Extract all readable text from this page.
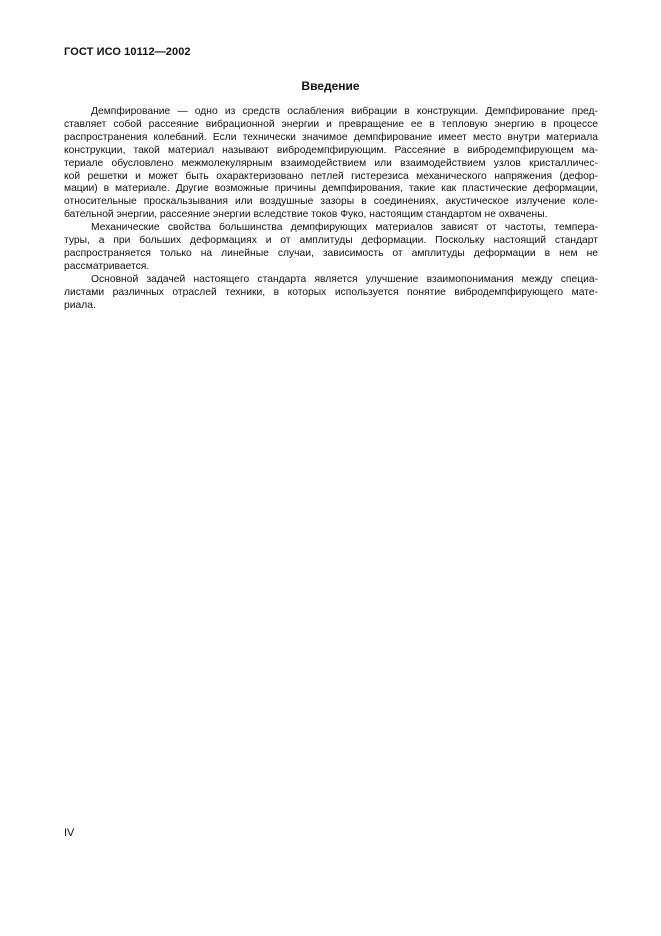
ГОСТ ИСО 10112—2002
Введение
Демпфирование — одно из средств ослабления вибрации в конструкции. Демпфирование пред-
ставляет собой рассеяние вибрационной энергии и превращение ее в тепловую энергию в процессе
распространения колебаний. Если технически значимое демпфирование имеет место внутри материала
конструкции, такой материал называют вибродемпфирующим. Рассеяние в вибродемпфирующем ма-
териале обусловлено межмолекулярным взаимодействием или взаимодействием узлов кристалличес-
кой решетки и может быть охарактеризовано петлей гистерезиса механического напряжения (дефор-
мации) в материале. Другие возможные причины демпфирования, такие как пластические деформации,
относительные проскальзывания или воздушные зазоры в соединениях, акустическое излучение коле-
бательной энергии, рассеяние энергии вследствие токов Фуко, настоящим стандартом не охвачены.
Механические свойства большинства демпфирующих материалов зависят от частоты, темпера-
туры, а при больших деформациях и от амплитуды деформации. Поскольку настоящий стандарт
распространяется только на линейные случаи, зависимость от амплитуды деформации в нем не
рассматривается.
Основной задачей настоящего стандарта является улучшение взаимопонимания между специа-
листами различных отраслей техники, в которых используется понятие вибродемпфирующего мате-
риала.
IV
